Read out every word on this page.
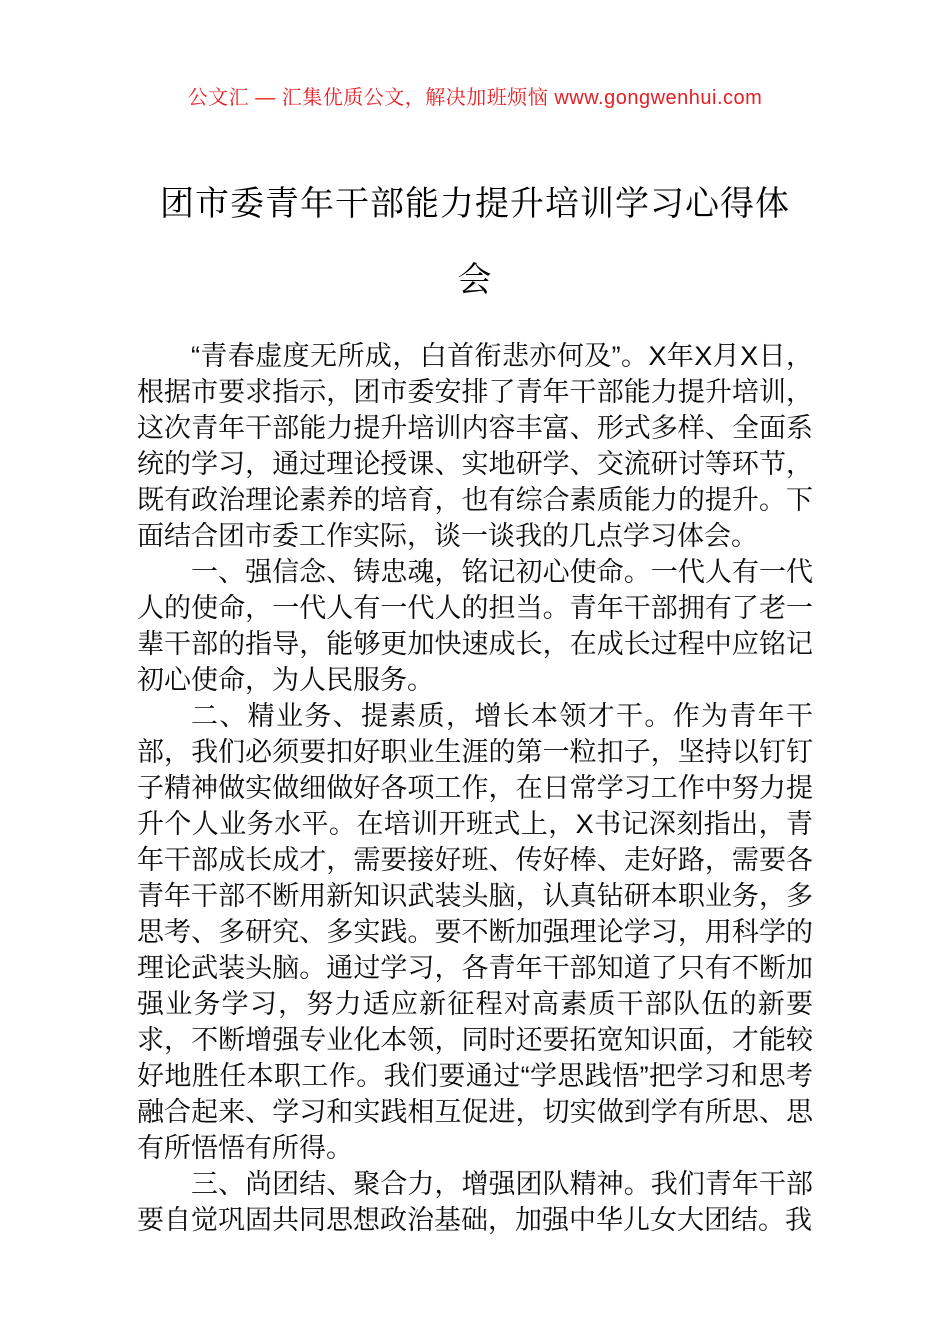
公文汇 — 汇集优质公文，解决加班烦恼 www.gongwenhui.com
团市委青年干部能力提升培训学习心得体会

“青春虚度无所成，白首衔悲亦何及”。X年X月X日，根据市要求指示，团市委安排了青年干部能力提升培训，这次青年干部能力提升培训内容丰富、形式多样、全面系统的学习，通过理论授课、实地研学、交流研讨等环节，既有政治理论素养的培育，也有综合素质能力的提升。下面结合团市委工作实际，谈一谈我的几点学习体会。

一、强信念、铸忠魂，铭记初心使命。一代人有一代人的使命，一代人有一代人的担当。青年干部拥有了老一辈干部的指导，能够更加快速成长，在成长过程中应铭记初心使命，为人民服务。

二、精业务、提素质，增长本领才干。作为青年干部，我们必须要扣好职业生涯的第一粒扣子，坚持以钉钉子精神做实做细做好各项工作，在日常学习工作中努力提升个人业务水平。在培训开班式上，X书记深刻指出，青年干部成长成才，需要接好班、传好棒、走好路，需要各青年干部不断用新知识武装头脑，认真钻研本职业务，多思考、多研究、多实践。要不断加强理论学习，用科学的理论武装头脑。通过学习，各青年干部知道了只有不断加强业务学习，努力适应新征程对高素质干部队伍的新要求，不断增强专业化本领，同时还要拓宽知识面，才能较好地胜任本职工作。我们要通过“学思践悟”把学习和思考融合起来、学习和实践相互促进，切实做到学有所思、思有所悟悟有所得。

三、尚团结、聚合力，增强团队精神。我们青年干部要自觉巩固共同思想政治基础，加强中华儿女大团结。我
